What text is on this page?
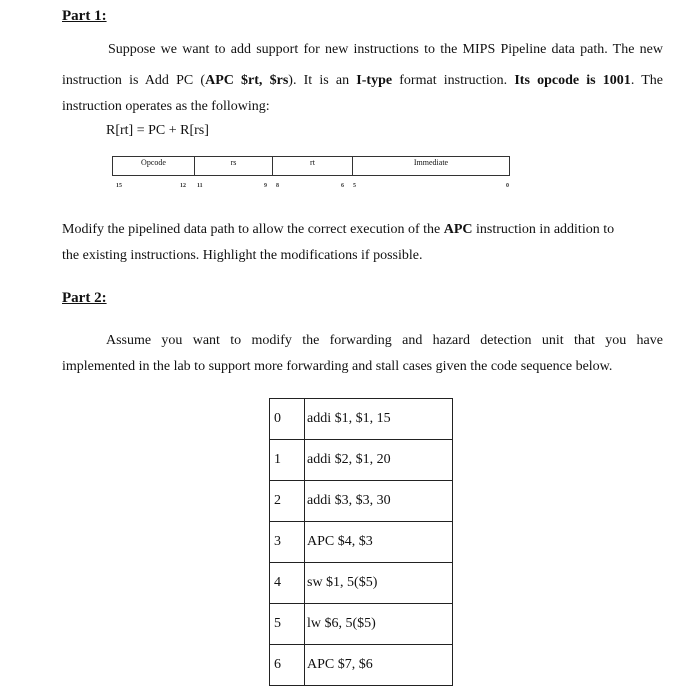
Part 1:
Suppose we want to add support for new instructions to the MIPS Pipeline data path. The new
instruction is Add PC (APC $rt, $rs). It is an I-type format instruction. Its opcode is 1001. The
instruction operates as the following:
R[rt] = PC + R[rs]
Opcode	rs	rt	Immediate
15	12 11	9 8	6 5	0
Modify the pipelined data path to allow the correct execution of the APC instruction in addition to
the existing instructions. Highlight the modifications if possible.
Part 2:
Assume you want to modify the forwarding and hazard detection unit that you have
implemented in the lab to support more forwarding and stall cases given the code sequence below.
0	addi $1, $1, 15
1	addi $2, $1, 20
2	addi $3, $3, 30
3	APC $4, $3
4	sw $1, 5($5)
5	lw $6, 5($5)
6	APC $7, $6
